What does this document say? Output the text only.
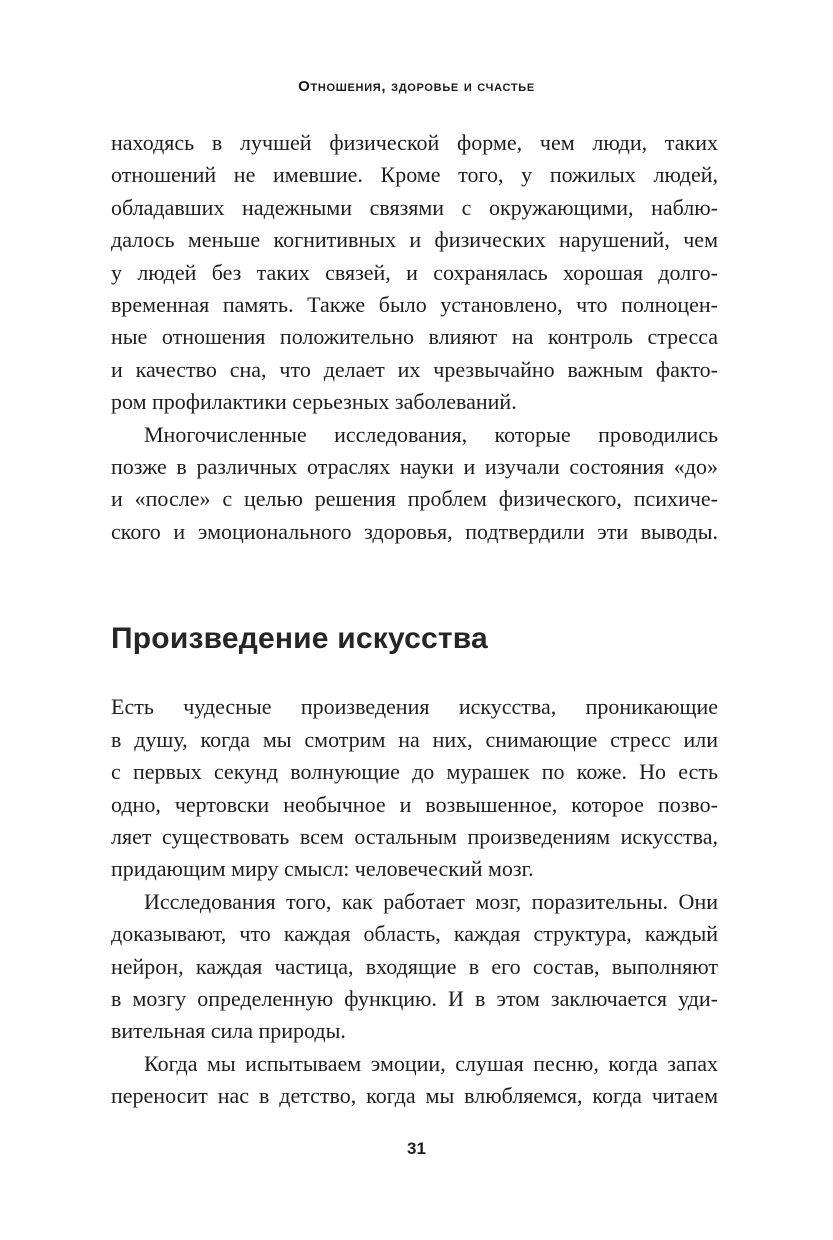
Отношения, здоровье и счастье
находясь в лучшей физической форме, чем люди, таких
отношений не имевшие. Кроме того, у пожилых людей,
обладавших надежными связями с окружающими, наблю-
далось меньше когнитивных и физических нарушений, чем
у людей без таких связей, и сохранялась хорошая долго-
временная память. Также было установлено, что полноцен-
ные отношения положительно влияют на контроль стресса
и качество сна, что делает их чрезвычайно важным факто-
ром профилактики серьезных заболеваний.
Многочисленные исследования, которые проводились
позже в различных отраслях науки и изучали состояния «до»
и «после» с целью решения проблем физического, психиче-
ского и эмоционального здоровья, подтвердили эти выводы.
Произведение искусства
Есть чудесные произведения искусства, проникающие
в душу, когда мы смотрим на них, снимающие стресс или
с первых секунд волнующие до мурашек по коже. Но есть
одно, чертовски необычное и возвышенное, которое позво-
ляет существовать всем остальным произведениям искусства,
придающим миру смысл: человеческий мозг.
Исследования того, как работает мозг, поразительны. Они
доказывают, что каждая область, каждая структура, каждый
нейрон, каждая частица, входящие в его состав, выполняют
в мозгу определенную функцию. И в этом заключается уди-
вительная сила природы.
Когда мы испытываем эмоции, слушая песню, когда запах
переносит нас в детство, когда мы влюбляемся, когда читаем
31
